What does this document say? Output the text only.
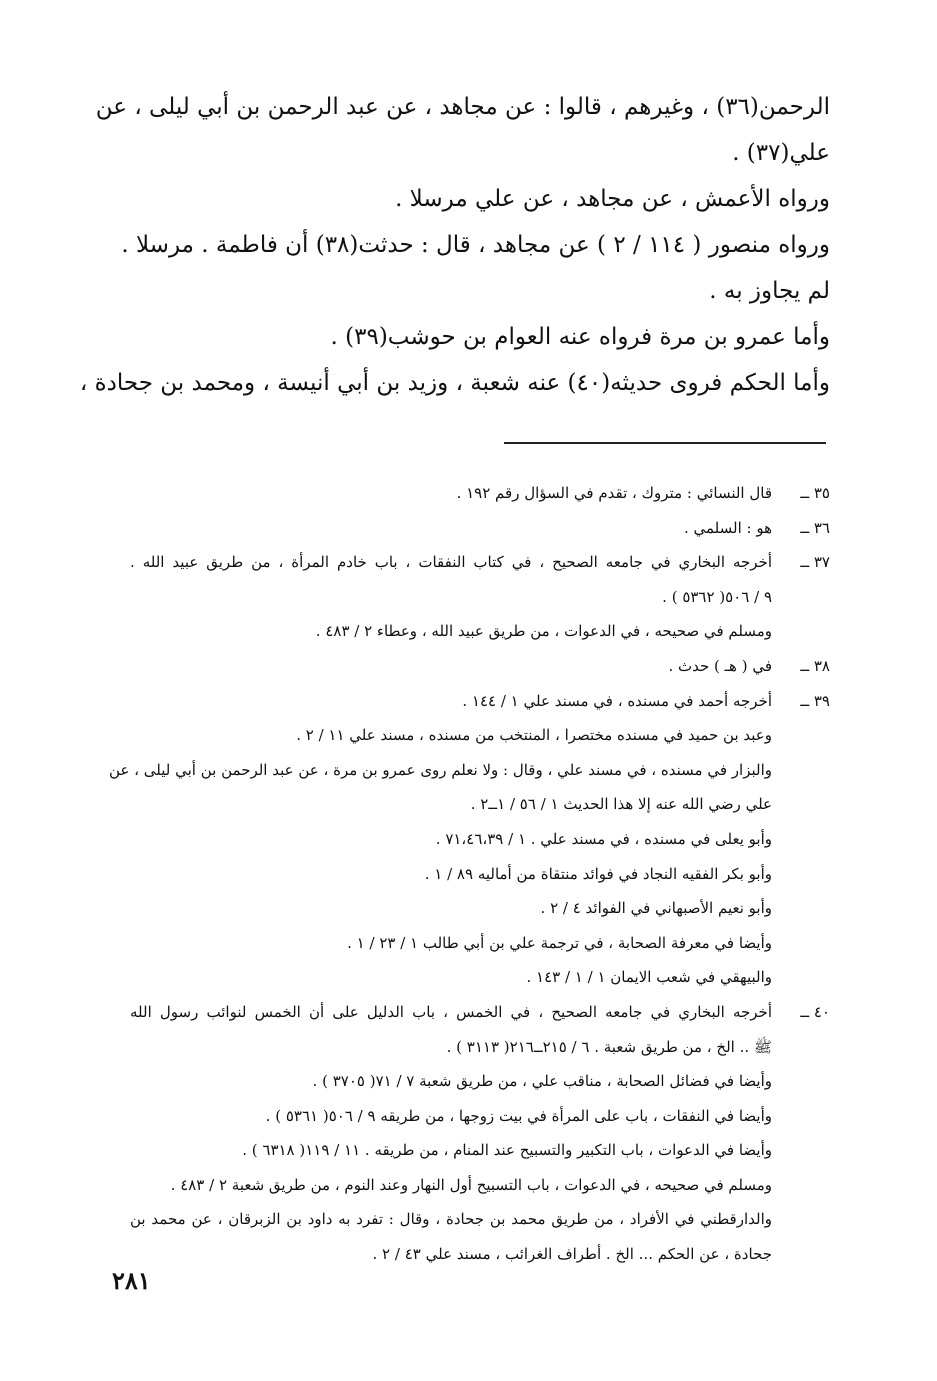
الرحمن(٣٦) ، وغيرهم ، قالوا : عن مجاهد ، عن عبد الرحمن بن أبي ليلى ، عن
علي(٣٧) .
ورواه الأعمش ، عن مجاهد ، عن علي مرسلا .
ورواه منصور ( ١١٤ / ٢ ) عن مجاهد ، قال : حدثت(٣٨) أن فاطمة . مرسلا .
لم يجاوز به .
وأما عمرو بن مرة فرواه عنه العوام بن حوشب(٣٩) .
وأما الحكم فروى حديثه(٤٠) عنه شعبة ، وزيد بن أبي أنيسة ، ومحمد بن جحادة ،
٣٥ ــ
قال النسائي : متروك ، تقدم في السؤال رقم ١٩٢ .
٣٦ ــ
هو : السلمي .
٣٧ ــ
أخرجه البخاري في جامعه الصحيح ، في كتاب النفقات ، باب خادم المرأة ، من طريق عبيد الله .
٩ / ٥٠٦( ٥٣٦٢ ) .
ومسلم في صحيحه ، في الدعوات ، من طريق عبيد الله ، وعطاء ٢ / ٤٨٣ .
٣٨ ــ
في ( هـ ) حدث .
٣٩ ــ
أخرجه أحمد في مسنده ، في مسند علي ١ / ١٤٤ .
وعبد بن حميد في مسنده مختصرا ، المنتخب من مسنده ، مسند علي ١١ / ٢ .
والبزار في مسنده ، في مسند علي ، وقال : ولا نعلم روى عمرو بن مرة ، عن عبد الرحمن بن أبي ليلى ، عن
علي رضي الله عنه إلا هذا الحديث ١ / ٥٦ / ١ــ٢ .
وأبو يعلى في مسنده ، في مسند علي . ١ / ٧١،٤٦،٣٩ .
وأبو بكر الفقيه النجاد في فوائد منتقاة من أماليه ٨٩ / ١ .
وأبو نعيم الأصبهاني في الفوائد ٤ / ٢ .
وأيضا في معرفة الصحابة ، في ترجمة علي بن أبي طالب ١ / ٢٣ / ١ .
والبيهقي في شعب الايمان ١ / ١ / ١٤٣ .
٤٠ ــ
أخرجه البخاري في جامعه الصحيح ، في الخمس ، باب الدليل على أن الخمس لنوائب رسول الله
ﷺ .. الخ ، من طريق شعبة . ٦ / ٢١٥ــ٢١٦( ٣١١٣ ) .
وأيضا في فضائل الصحابة ، مناقب علي ، من طريق شعبة ٧ / ٧١( ٣٧٠٥ ) .
وأيضا في النفقات ، باب على المرأة في بيت زوجها ، من طريقه ٩ / ٥٠٦( ٥٣٦١ ) .
وأيضا في الدعوات ، باب التكبير والتسبيح عند المنام ، من طريقه . ١١ / ١١٩( ٦٣١٨ ) .
ومسلم في صحيحه ، في الدعوات ، باب التسبيح أول النهار وعند النوم ، من طريق شعبة ٢ / ٤٨٣ .
والدارقطني في الأفراد ، من طريق محمد بن جحادة ، وقال : تفرد به داود بن الزبرقان ، عن محمد بن
جحادة ، عن الحكم ... الخ . أطراف الغرائب ، مسند علي ٤٣ / ٢ .
٢٨١
